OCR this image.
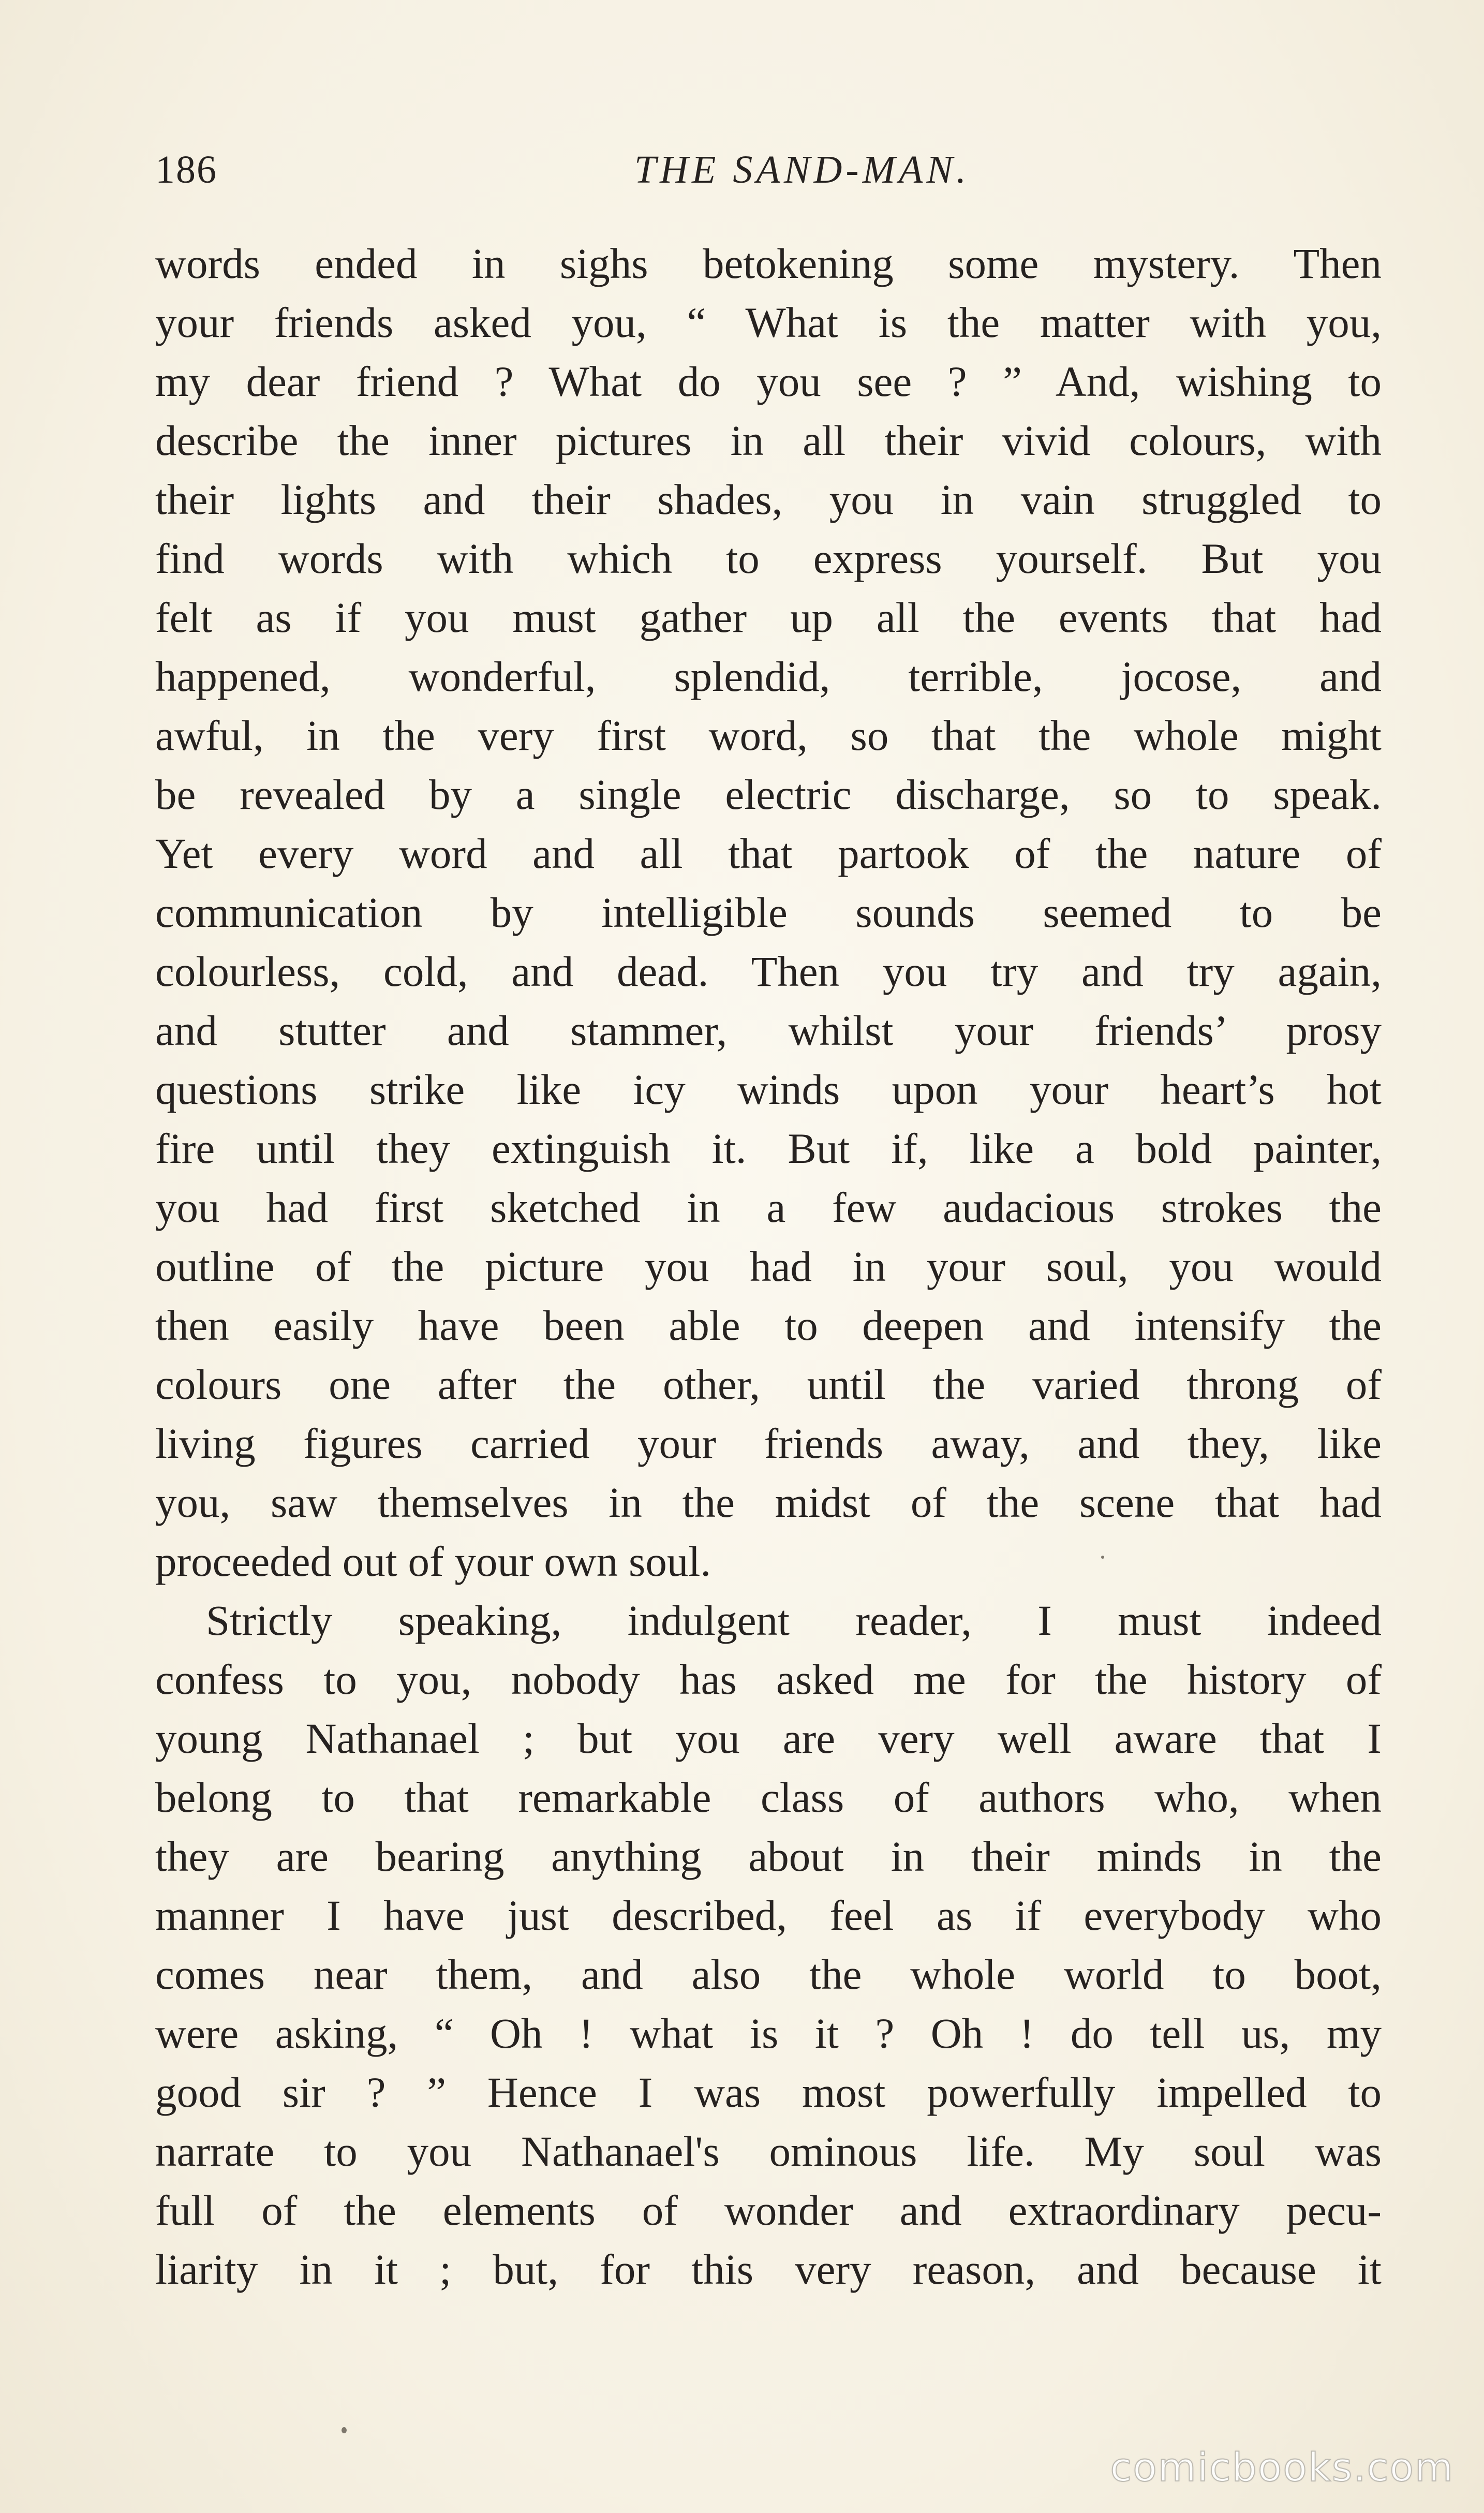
186	THE SAND-MAN.
words ended in sighs betokening some mystery. Then
your friends asked you, “ What is the matter with you,
my dear friend ? What do you see ? ” And, wishing to
describe the inner pictures in all their vivid colours, with
their lights and their shades, you in vain struggled to
find words with which to express yourself. But you
felt as if you must gather up all the events that had
happened, wonderful, splendid, terrible, jocose, and
awful, in the very first word, so that the whole might
be revealed by a single electric discharge, so to speak.
Yet every word and all that partook of the nature of
communication by intelligible sounds seemed to be
colourless, cold, and dead. Then you try and try again,
and stutter and stammer, whilst your friends’ prosy
questions strike like icy winds upon your heart’s hot
fire until they extinguish it. But if, like a bold painter,
you had first sketched in a few audacious strokes the
outline of the picture you had in your soul, you would
then easily have been able to deepen and intensify the
colours one after the other, until the varied throng of
living figures carried your friends away, and they, like
you, saw themselves in the midst of the scene that had
proceeded out of your own soul.
Strictly speaking, indulgent reader, I must indeed
confess to you, nobody has asked me for the history of
young Nathanael ; but you are very well aware that I
belong to that remarkable class of authors who, when
they are bearing anything about in their minds in the
manner I have just described, feel as if everybody who
comes near them, and also the whole world to boot,
were asking, “ Oh ! what is it ? Oh ! do tell us, my
good sir ? ” Hence I was most powerfully impelled to
narrate to you Nathanael's ominous life. My soul was
full of the elements of wonder and extraordinary pecu-
liarity in it ; but, for this very reason, and because it
comicbooks.com
